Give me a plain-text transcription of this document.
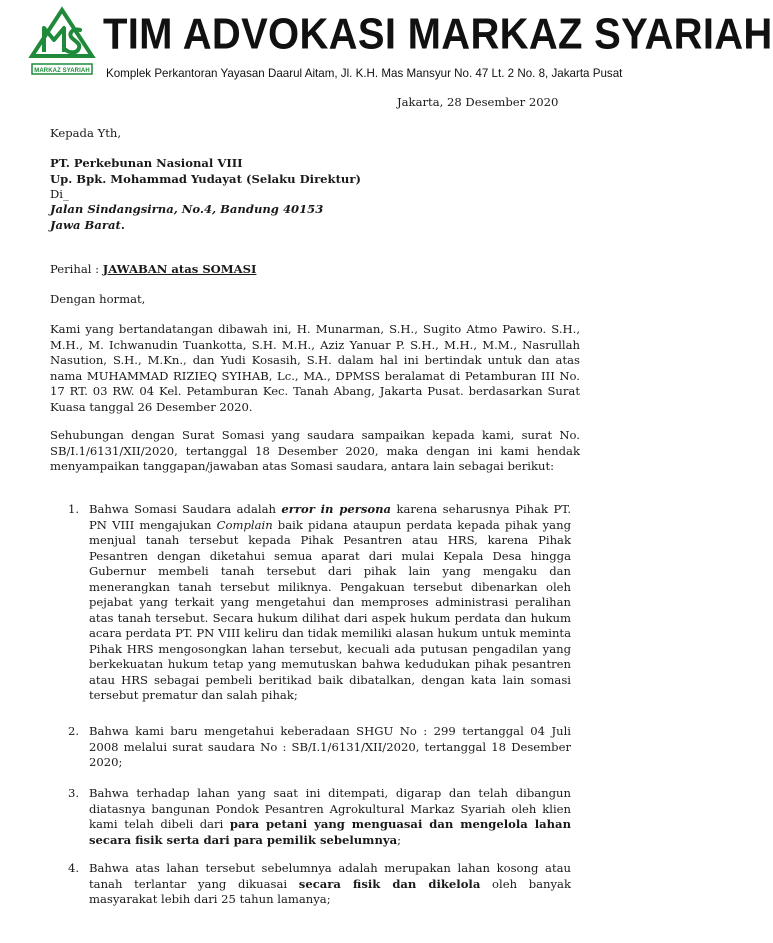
MARKAZ SYARIAH
TIM ADVOKASI MARKAZ SYARIAH
Komplek Perkantoran Yayasan Daarul Aitam, Jl. K.H. Mas Mansyur No. 47 Lt. 2 No. 8, Jakarta Pusat
Jakarta, 28 Desember 2020
Kepada Yth,
PT. Perkebunan Nasional VIII
Up. Bpk. Mohammad Yudayat (Selaku Direktur)
Di_
Jalan Sindangsirna, No.4, Bandung 40153
Jawa Barat.
Perihal : JAWABAN atas SOMASI
Dengan hormat,
Kami yang bertandatangan dibawah ini, H. Munarman, S.H., Sugito Atmo Pawiro. S.H., M.H., M. Ichwanudin Tuankotta, S.H. M.H., Aziz Yanuar P. S.H., M.H., M.M., Nasrullah Nasution, S.H., M.Kn., dan Yudi Kosasih, S.H. dalam hal ini bertindak untuk dan atas nama MUHAMMAD RIZIEQ SYIHAB, Lc., MA., DPMSS beralamat di Petamburan III No. 17 RT. 03 RW. 04 Kel. Petamburan Kec. Tanah Abang, Jakarta Pusat. berdasarkan Surat Kuasa tanggal 26 Desember 2020.
Sehubungan dengan Surat Somasi yang saudara sampaikan kepada kami, surat No. SB/I.1/6131/XII/2020, tertanggal 18 Desember 2020, maka dengan ini kami hendak menyampaikan tanggapan/jawaban atas Somasi saudara, antara lain sebagai berikut:
1. Bahwa Somasi Saudara adalah error in persona karena seharusnya Pihak PT. PN VIII mengajukan Complain baik pidana ataupun perdata kepada pihak yang menjual tanah tersebut kepada Pihak Pesantren atau HRS, karena Pihak Pesantren dengan diketahui semua aparat dari mulai Kepala Desa hingga Gubernur membeli tanah tersebut dari pihak lain yang mengaku dan menerangkan tanah tersebut miliknya. Pengakuan tersebut dibenarkan oleh pejabat yang terkait yang mengetahui dan memproses administrasi peralihan atas tanah tersebut. Secara hukum dilihat dari aspek hukum perdata dan hukum acara perdata PT. PN VIII keliru dan tidak memiliki alasan hukum untuk meminta Pihak HRS mengosongkan lahan tersebut, kecuali ada putusan pengadilan yang berkekuatan hukum tetap yang memutuskan bahwa kedudukan pihak pesantren atau HRS sebagai pembeli beritikad baik dibatalkan, dengan kata lain somasi tersebut prematur dan salah pihak;
2. Bahwa kami baru mengetahui keberadaan SHGU No : 299 tertanggal 04 Juli 2008 melalui surat saudara No : SB/I.1/6131/XII/2020, tertanggal 18 Desember 2020;
3. Bahwa terhadap lahan yang saat ini ditempati, digarap dan telah dibangun diatasnya bangunan Pondok Pesantren Agrokultural Markaz Syariah oleh klien kami telah dibeli dari para petani yang menguasai dan mengelola lahan secara fisik serta dari para pemilik sebelumnya;
4. Bahwa atas lahan tersebut sebelumnya adalah merupakan lahan kosong atau tanah terlantar yang dikuasai secara fisik dan dikelola oleh banyak masyarakat lebih dari 25 tahun lamanya;
